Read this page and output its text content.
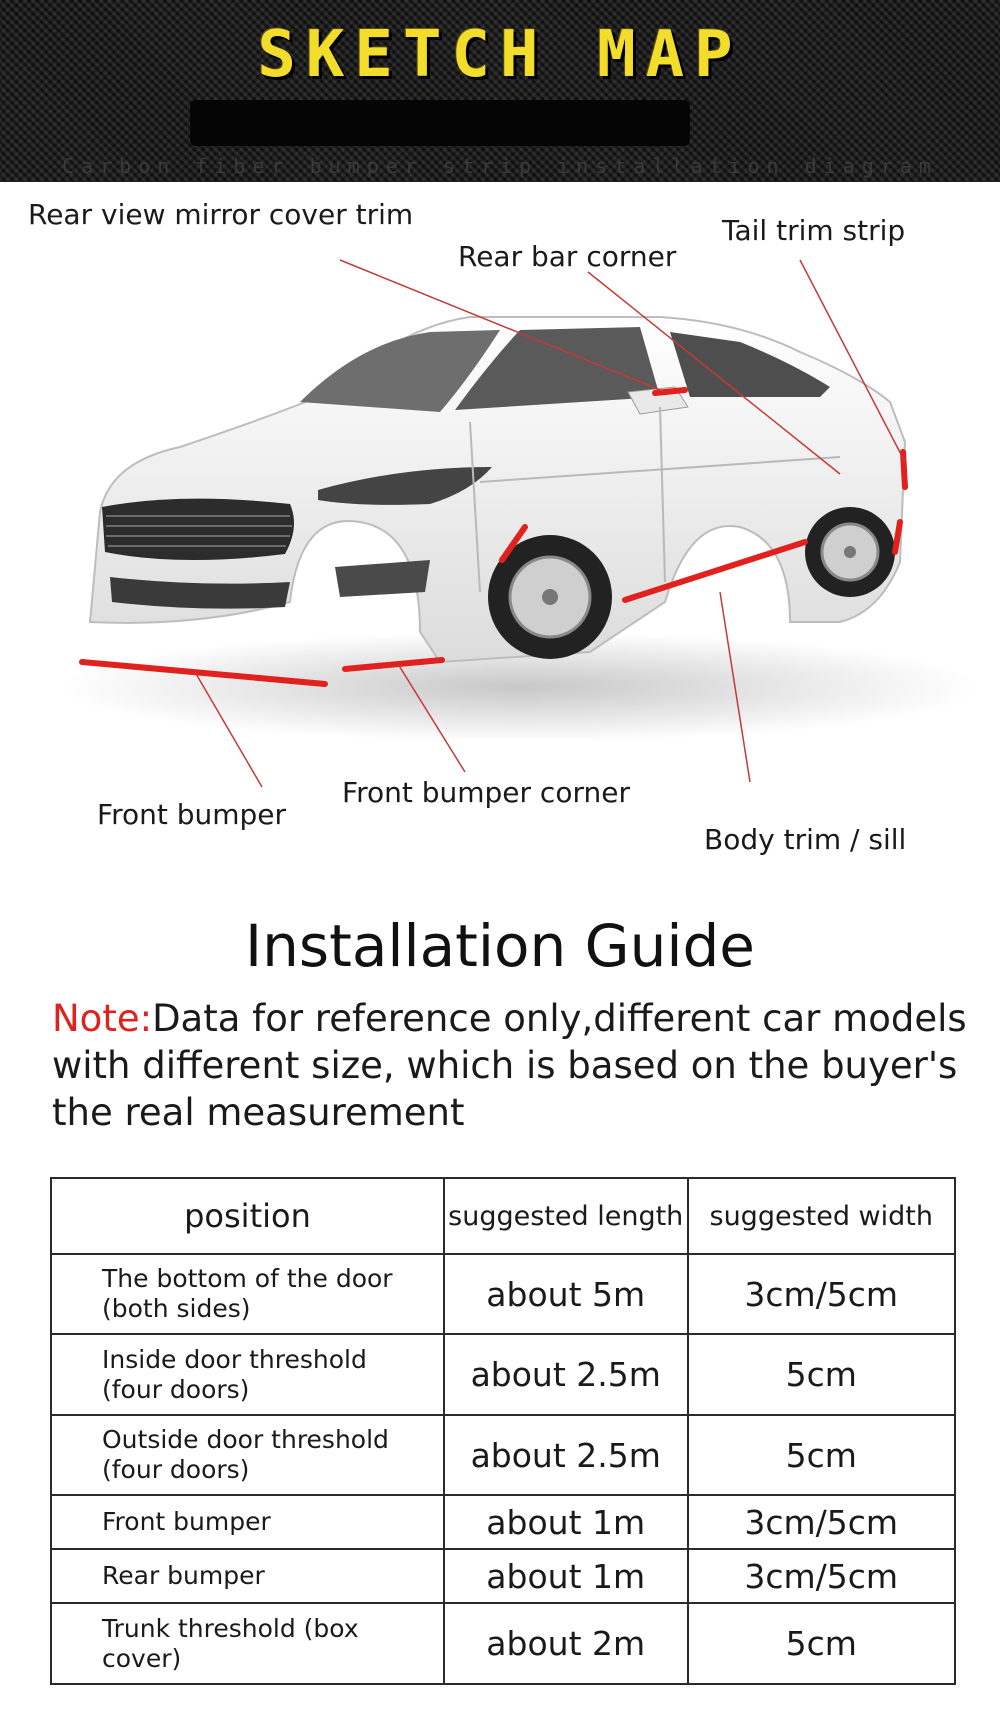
SKETCH MAP
Carbon fiber bumper strip installation diagram
Rear view mirror cover trim
Rear bar corner
Tail trim strip
Front bumper
Front bumper corner
Body trim / sill
Installation Guide
Note:Data for reference only,different car models with different size, which is based on the buyer's the real measurement
position	suggested length	suggested width
The bottom of the door
(both sides)	about 5m	3cm/5cm
Inside door threshold
(four doors)	about 2.5m	5cm
Outside door threshold
(four doors)	about 2.5m	5cm
Front bumper	about 1m	3cm/5cm
Rear bumper	about 1m	3cm/5cm
Trunk threshold (box cover)	about 2m	5cm
